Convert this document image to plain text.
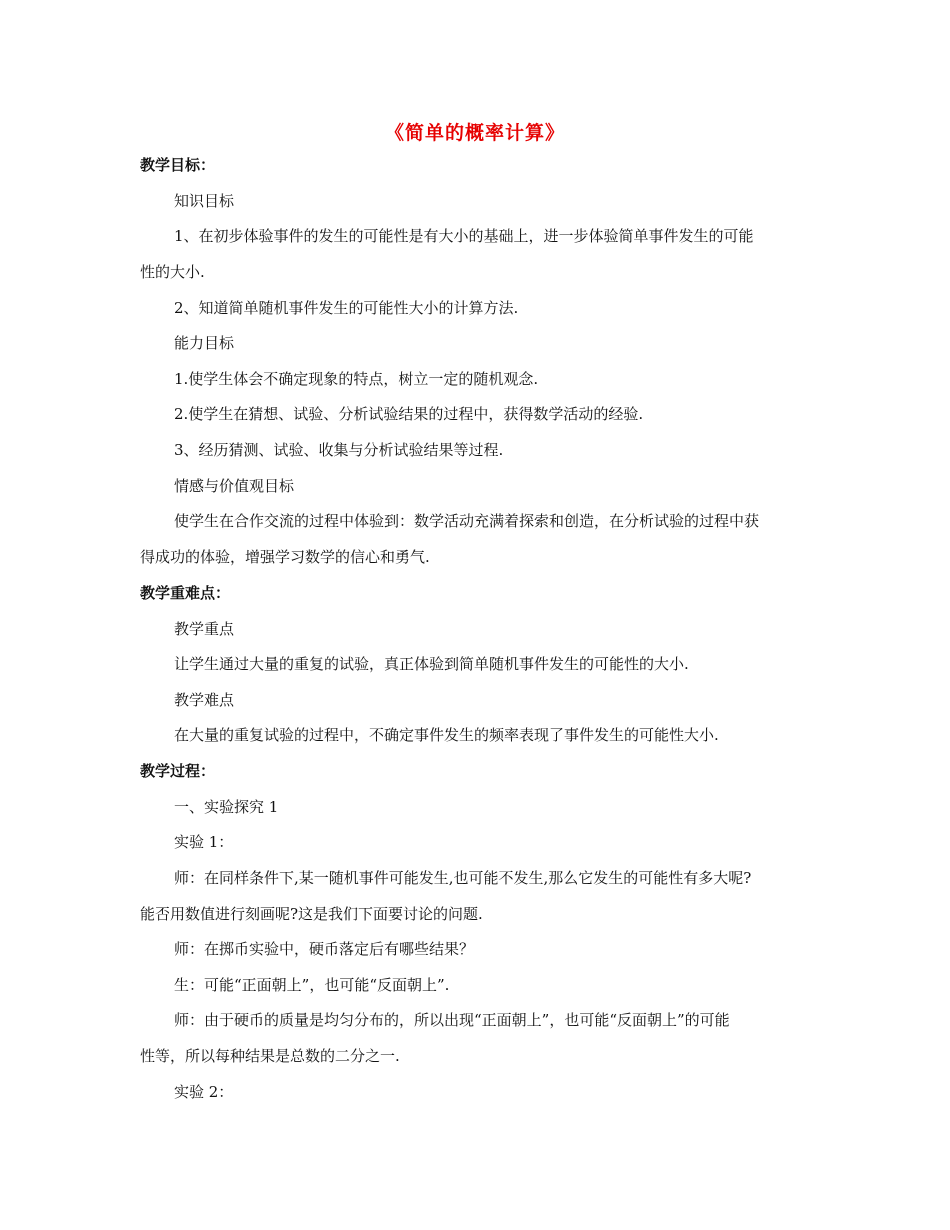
《简单的概率计算》
教学目标：
知识目标
1、在初步体验事件的发生的可能性是有大小的基础上，进一步体验简单事件发生的可能
性的大小.
2、知道简单随机事件发生的可能性大小的计算方法.
能力目标
1.使学生体会不确定现象的特点，树立一定的随机观念.
2.使学生在猜想、试验、分析试验结果的过程中，获得数学活动的经验.
3、经历猜测、试验、收集与分析试验结果等过程.
情感与价值观目标
使学生在合作交流的过程中体验到：数学活动充满着探索和创造，在分析试验的过程中获
得成功的体验，增强学习数学的信心和勇气.
教学重难点：
教学重点
让学生通过大量的重复的试验，真正体验到简单随机事件发生的可能性的大小.
教学难点
在大量的重复试验的过程中，不确定事件发生的频率表现了事件发生的可能性大小.
教学过程：
一、实验探究 1
实验 1：
师：在同样条件下,某一随机事件可能发生,也可能不发生,那么它发生的可能性有多大呢?
能否用数值进行刻画呢?这是我们下面要讨论的问题.
师：在掷币实验中，硬币落定后有哪些结果？
生：可能“正面朝上”，也可能“反面朝上”.
师：由于硬币的质量是均匀分布的，所以出现“正面朝上”，也可能“反面朝上”的可能
性等，所以每种结果是总数的二分之一.
实验 2：
